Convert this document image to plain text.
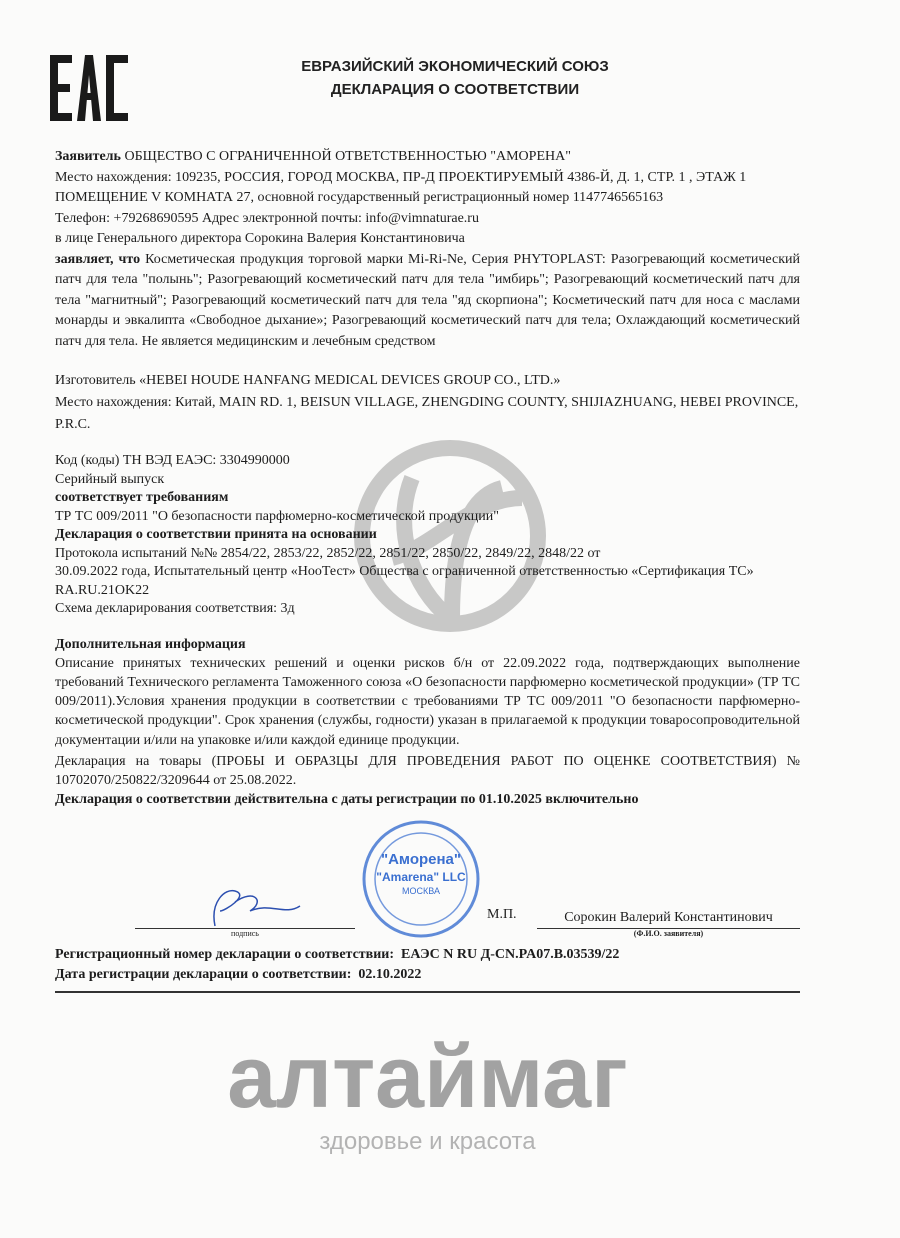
ЕВРАЗИЙСКИЙ ЭКОНОМИЧЕСКИЙ СОЮЗ
ДЕКЛАРАЦИЯ О СООТВЕТСТВИИ

Заявитель ОБЩЕСТВО С ОГРАНИЧЕННОЙ ОТВЕТСТВЕННОСТЬЮ "АМОРЕНА"

Место нахождения: 109235, РОССИЯ, ГОРОД МОСКВА, ПР-Д ПРОЕКТИРУЕМЫЙ 4386-Й, Д. 1, СТР. 1 , ЭТАЖ 1 ПОМЕЩЕНИЕ V КОМНАТА 27, основной государственный регистрационный номер 1147746565163

Телефон: +79268690595 Адрес электронной почты: info@vimnaturae.ru

в лице Генерального директора Сорокина Валерия Константиновича

заявляет, что Косметическая продукция торговой марки Mi-Ri-Ne, Серия PHYTOPLAST: Разогревающий косметический патч для тела "полынь"; Разогревающий косметический патч для тела "имбирь"; Разогревающий косметический патч для тела "магнитный"; Разогревающий косметический патч для тела "яд скорпиона"; Косметический патч для носа с маслами монарды и эвкалипта «Свободное дыхание»; Разогревающий косметический патч для тела; Охлаждающий косметический патч для тела. Не является медицинским и лечебным средством

Изготовитель «HEBEI HOUDE HANFANG MEDICAL DEVICES GROUP CO., LTD.»

Место нахождения: Китай, MAIN RD. 1, BEISUN VILLAGE, ZHENGDING COUNTY, SHIJIAZHUANG, HEBEI PROVINCE, P.R.C.

Код (коды) ТН ВЭД ЕАЭС: 3304990000

Серийный выпуск

соответствует требованиям

ТР ТС 009/2011 "О безопасности парфюмерно-косметической продукции"

Декларация о соответствии принята на основании

Протокола испытаний №№ 2854/22, 2853/22, 2852/22, 2851/22, 2850/22, 2849/22, 2848/22 от

30.09.2022 года, Испытательный центр «НооТест» Общества с ограниченной ответственностью «Сертификация ТС» RA.RU.21OK22

Схема декларирования соответствия: 3д

Дополнительная информация

Описание принятых технических решений и оценки рисков б/н от 22.09.2022 года, подтверждающих выполнение требований Технического регламента Таможенного союза «О безопасности парфюмерно косметической продукции» (ТР ТС 009/2011).Условия хранения продукции в соответствии с требованиями ТР ТС 009/2011 "О безопасности парфюмерно-косметической продукции". Срок хранения (службы, годности) указан в прилагаемой к продукции товаросопроводительной документации и/или на упаковке и/или каждой единице продукции.

Декларация на товары (ПРОБЫ И ОБРАЗЦЫ ДЛЯ ПРОВЕДЕНИЯ РАБОТ ПО ОЦЕНКЕ СООТВЕТСТВИЯ) № 10702070/250822/3209644 от 25.08.2022.

Декларация о соответствии действительна с даты регистрации по 01.10.2025 включительно

подпись
"Аморена"
"Amarena" LLC
МОСКВА
М.П.	Сорокин Валерий Константинович
(Ф.И.О. заявителя)

Регистрационный номер декларации о соответствии: ЕАЭС N RU Д-CN.PA07.B.03539/22

Дата регистрации декларации о соответствии: 02.10.2022

алтаймаг
здоровье и красота
